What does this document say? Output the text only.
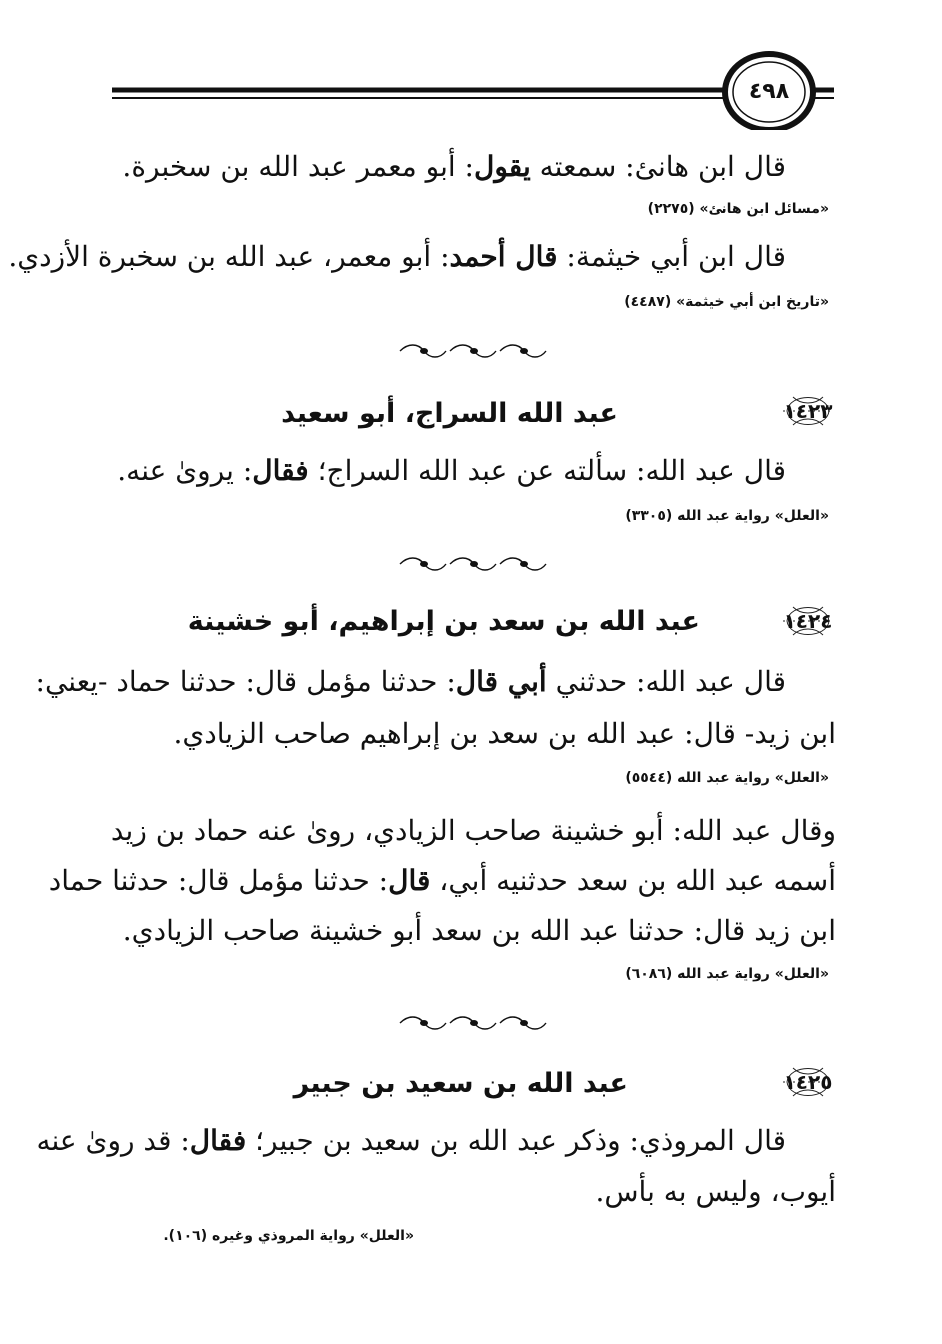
٤٩٨
قال ابن هانئ: سمعته يقول: أبو معمر عبد الله بن سخبرة.
«مسائل ابن هانئ» (٢٢٧٥)
قال ابن أبي خيثمة: قال أحمد: أبو معمر، عبد الله بن سخبرة الأزدي.
«تاريخ ابن أبي خيثمة» (٤٤٨٧)
١٤٢٣
عبد الله السراج، أبو سعيد
قال عبد الله: سألته عن عبد الله السراج؛ فقال: يروىٰ عنه.
«العلل» رواية عبد الله (٣٣٠٥)
١٤٢٤
عبد الله بن سعد بن إبراهيم، أبو خشينة
قال عبد الله: حدثني أبي قال: حدثنا مؤمل قال: حدثنا حماد -يعني:
ابن زيد- قال: عبد الله بن سعد بن إبراهيم صاحب الزيادي.
«العلل» رواية عبد الله (٥٥٤٤)
وقال عبد الله: أبو خشينة صاحب الزيادي، روىٰ عنه حماد بن زيد
أسمه عبد الله بن سعد حدثنيه أبي، قال: حدثنا مؤمل قال: حدثنا حماد
ابن زيد قال: حدثنا عبد الله بن سعد أبو خشينة صاحب الزيادي.
«العلل» رواية عبد الله (٦٠٨٦)
١٤٢٥
عبد الله بن سعيد بن جبير
قال المروذي: وذكر عبد الله بن سعيد بن جبير؛ فقال: قد روىٰ عنه
أيوب، وليس به بأس.
«العلل» رواية المروذي وغيره (١٠٦).
